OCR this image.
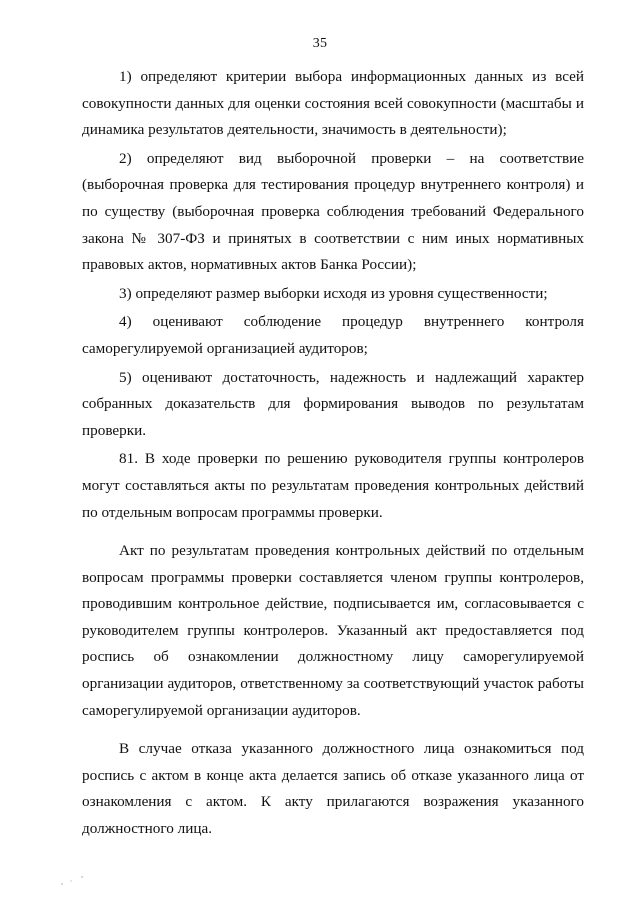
35

1) определяют критерии выбора информационных данных из всей совокупности данных для оценки состояния всей совокупности (масштабы и динамика результатов деятельности, значимость в деятельности);

2) определяют вид выборочной проверки – на соответствие (выборочная проверка для тестирования процедур внутреннего контроля) и по существу (выборочная проверка соблюдения требований Федерального закона № 307-ФЗ и принятых в соответствии с ним иных нормативных правовых актов, нормативных актов Банка России);

3) определяют размер выборки исходя из уровня существенности;

4) оценивают соблюдение процедур внутреннего контроля саморегулируемой организацией аудиторов;

5) оценивают достаточность, надежность и надлежащий характер собранных доказательств для формирования выводов по результатам проверки.

81. В ходе проверки по решению руководителя группы контролеров могут составляться акты по результатам проведения контрольных действий по отдельным вопросам программы проверки.

Акт по результатам проведения контрольных действий по отдельным вопросам программы проверки составляется членом группы контролеров, проводившим контрольное действие, подписывается им, согласовывается с руководителем группы контролеров. Указанный акт предоставляется под роспись об ознакомлении должностному лицу саморегулируемой организации аудиторов, ответственному за соответствующий участок работы саморегулируемой организации аудиторов.

В случае отказа указанного должностного лица ознакомиться под роспись с актом в конце акта делается запись об отказе указанного лица от ознакомления с актом. К акту прилагаются возражения указанного должностного лица.
